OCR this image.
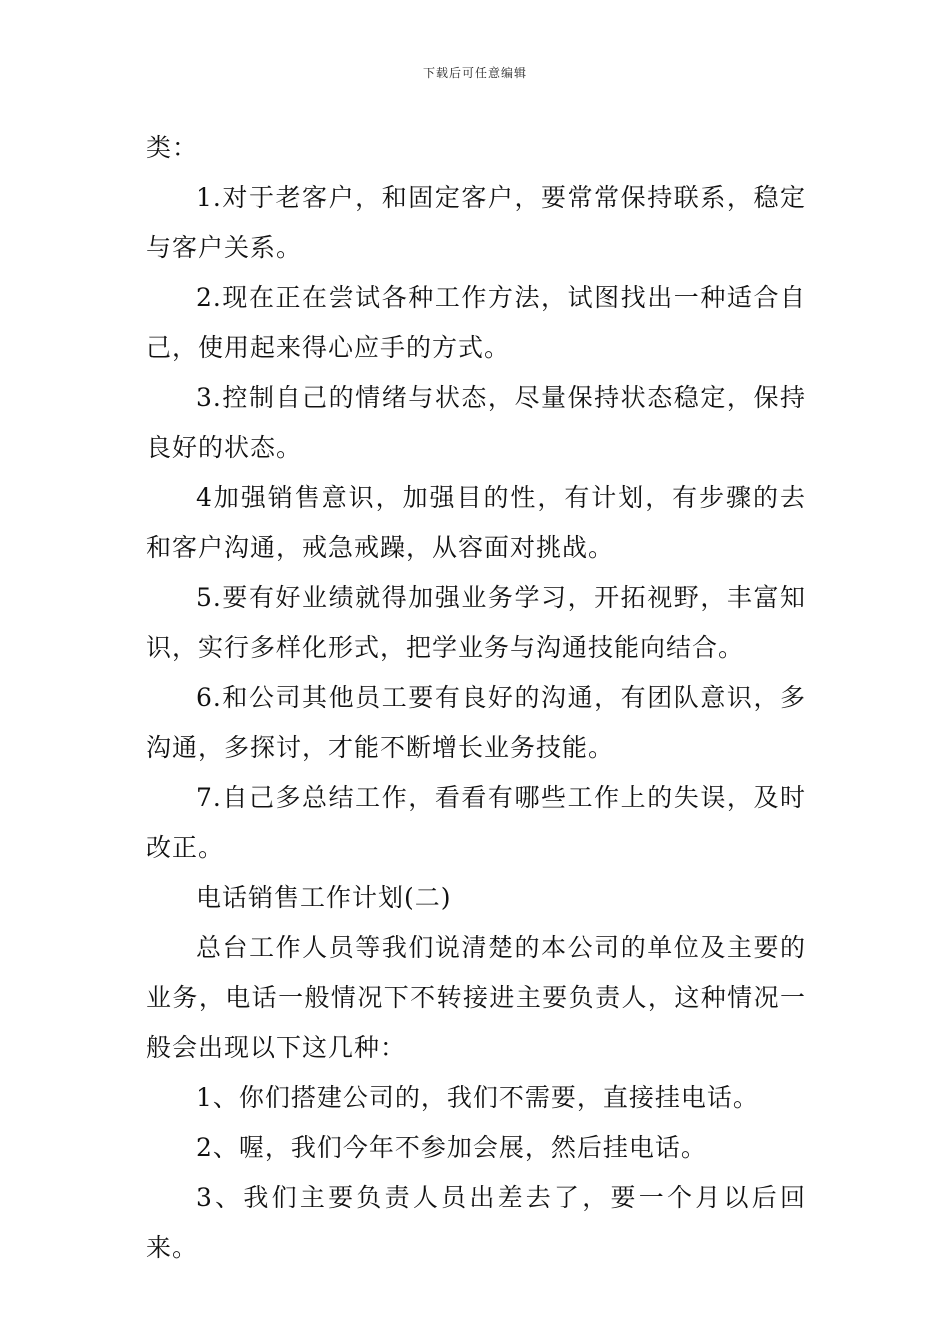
下载后可任意编辑

类：

1.对于老客户，和固定客户，要常常保持联系，稳定与客户关系。

2.现在正在尝试各种工作方法，试图找出一种适合自己，使用起来得心应手的方式。

3.控制自己的情绪与状态，尽量保持状态稳定，保持良好的状态。

4加强销售意识，加强目的性，有计划，有步骤的去和客户沟通，戒急戒躁，从容面对挑战。

5.要有好业绩就得加强业务学习，开拓视野，丰富知识，实行多样化形式，把学业务与沟通技能向结合。

6.和公司其他员工要有良好的沟通，有团队意识，多沟通，多探讨，才能不断增长业务技能。

7.自己多总结工作，看看有哪些工作上的失误，及时改正。

电话销售工作计划(二)

总台工作人员等我们说清楚的本公司的单位及主要的业务，电话一般情况下不转接进主要负责人，这种情况一般会出现以下这几种：

1、你们搭建公司的，我们不需要，直接挂电话。

2、喔，我们今年不参加会展，然后挂电话。

3、我们主要负责人员出差去了，要一个月以后回来。
